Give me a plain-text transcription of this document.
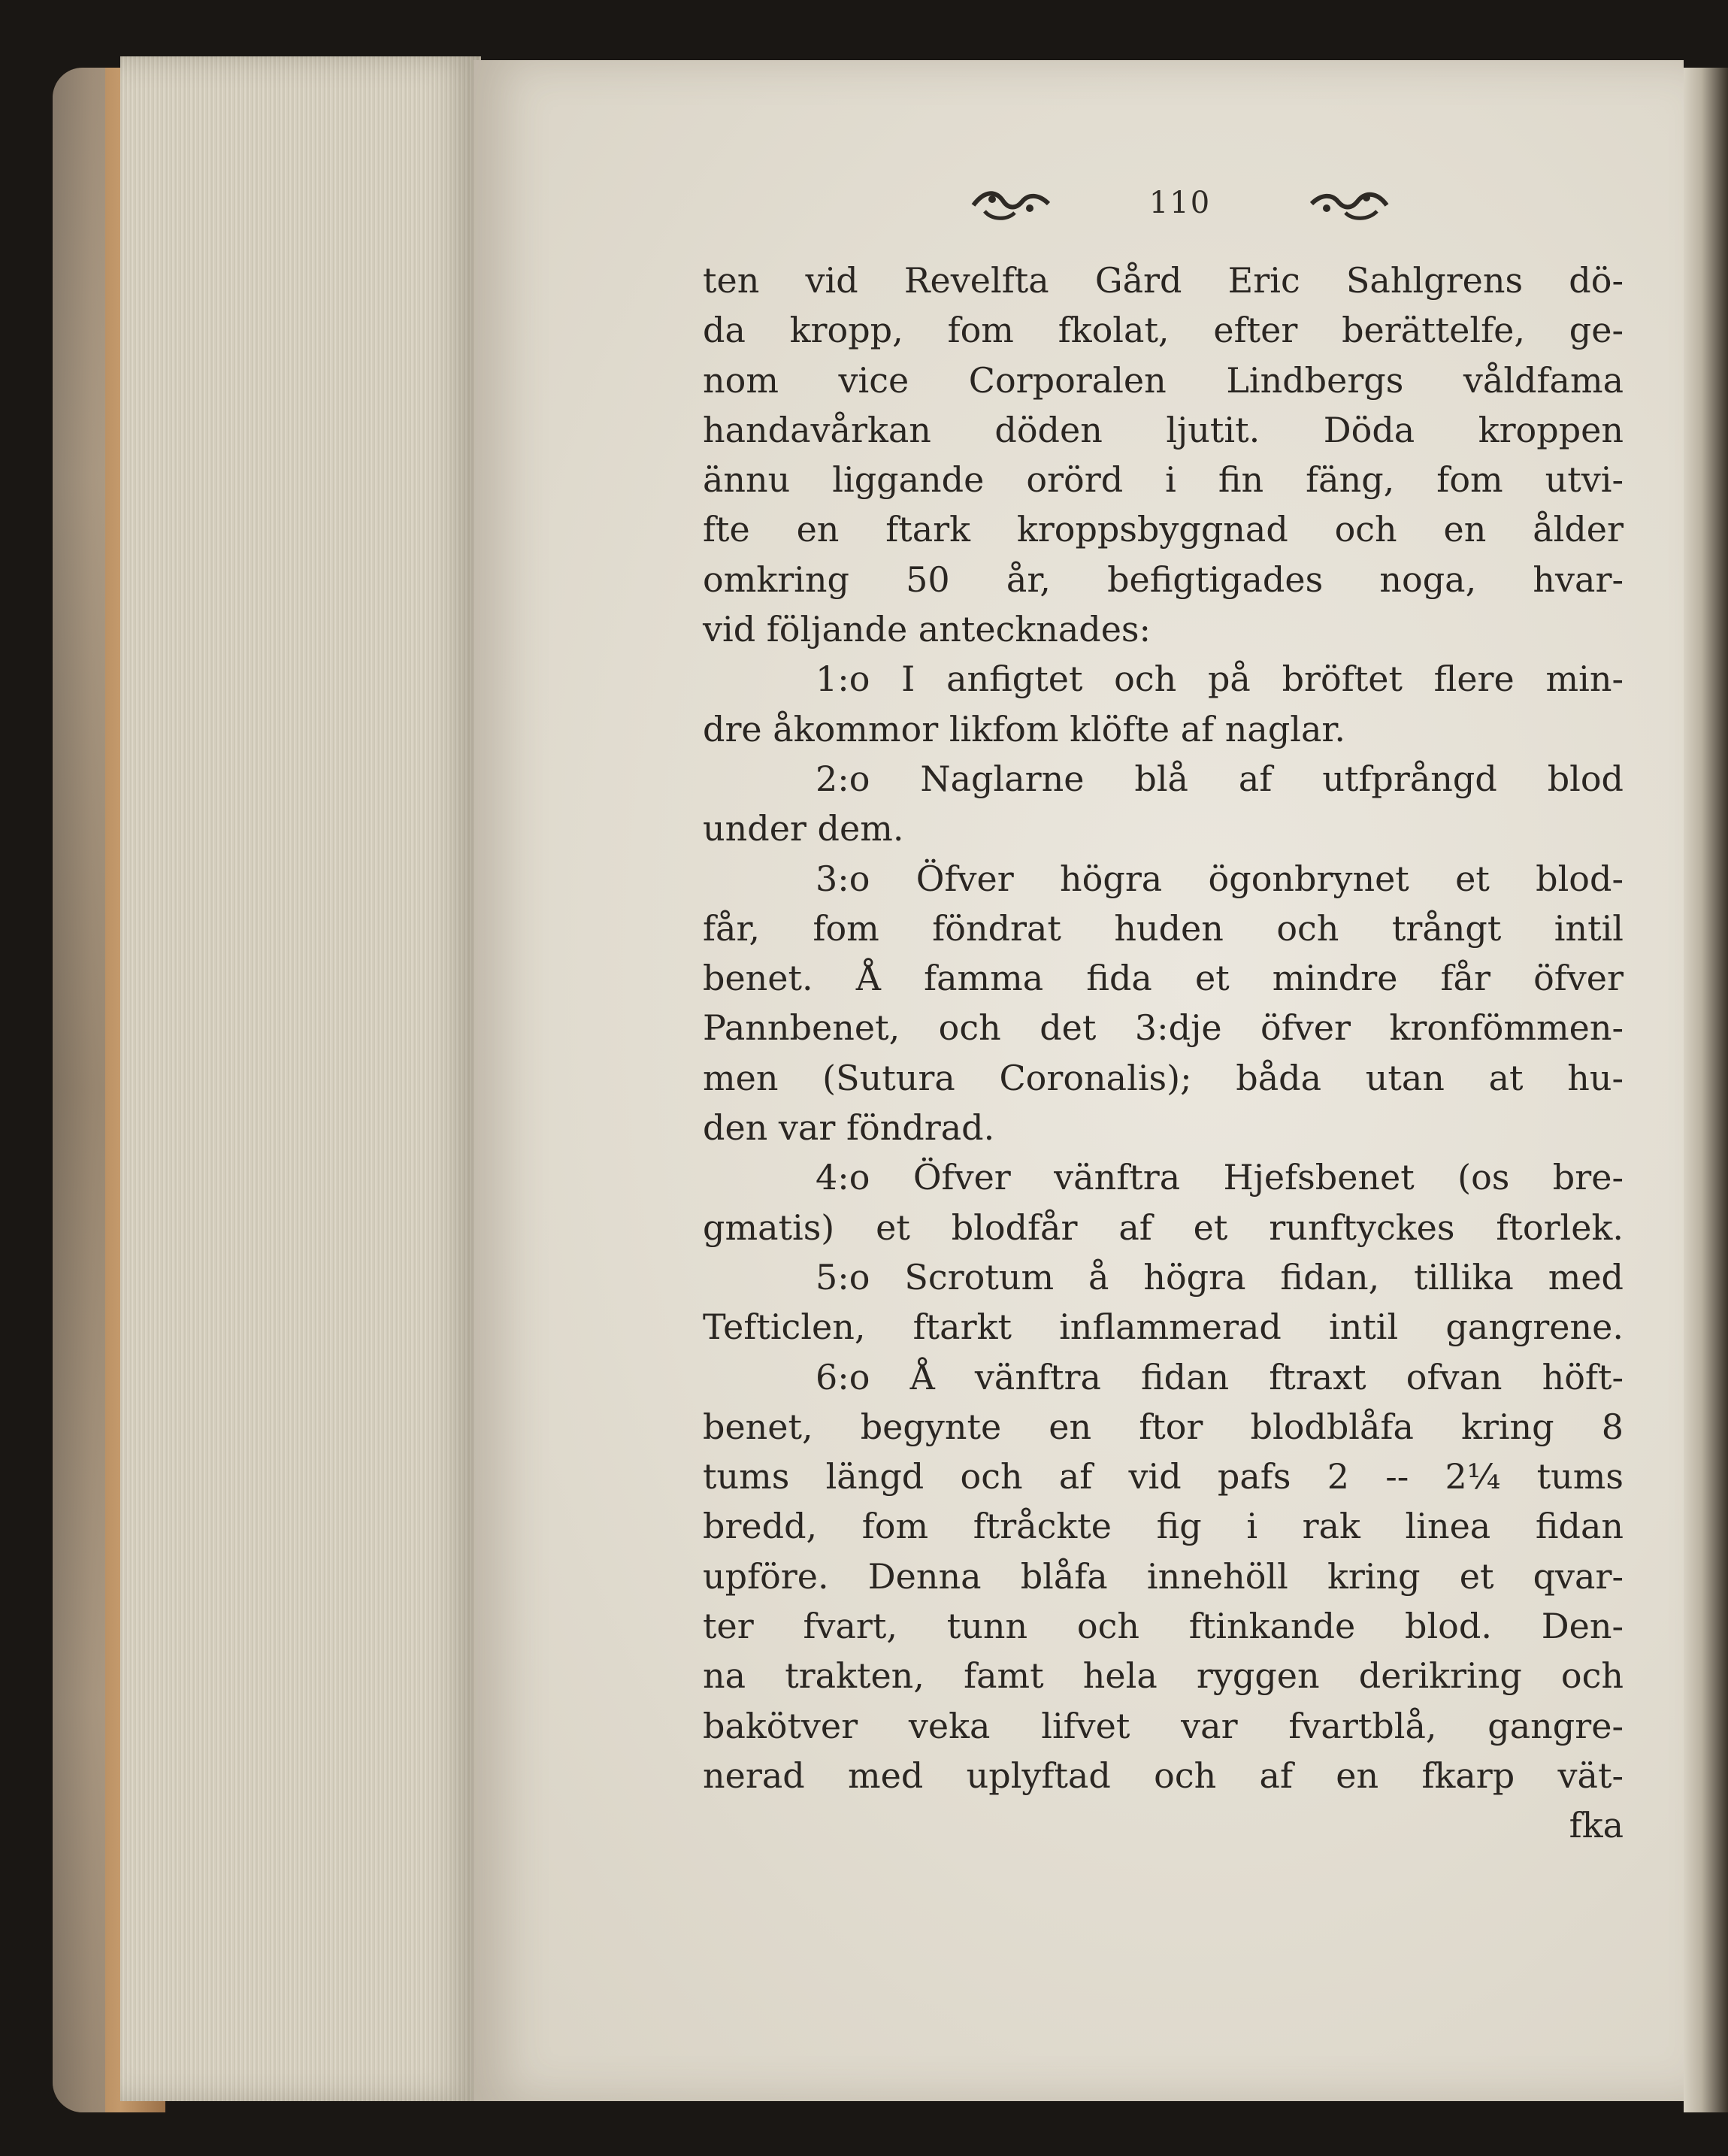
110
ten vid Revelfta Gård Eric Sahlgrens dö-
da kropp, fom fkolat, efter berättelfe, ge-
nom vice Corporalen Lindbergs våldfama
handavårkan döden ljutit. Döda kroppen
ännu liggande orörd i fin fäng, fom utvi-
fte en ftark kroppsbyggnad och en ålder
omkring 50 år, befigtigades noga, hvar-
vid följande antecknades:
1:o I anfigtet och på bröftet flere min-
dre åkommor likfom klöfte af naglar.
2:o Naglarne blå af utfprångd blod
under dem.
3:o Öfver högra ögonbrynet et blod-
får, fom föndrat huden och trångt intil
benet. Å famma fida et mindre får öfver
Pannbenet, och det 3:dje öfver kronfömmen-
men (Sutura Coronalis); båda utan at hu-
den var föndrad.
4:o Öfver vänftra Hjefsbenet (os bre-
gmatis) et blodfår af et runftyckes ftorlek.
5:o Scrotum å högra fidan, tillika med
Tefticlen, ftarkt inflammerad intil gangrene.
6:o Å vänftra fidan ftraxt ofvan höft-
benet, begynte en ftor blodblåfa kring 8
tums längd och af vid pafs 2 -- 2¼ tums
bredd, fom ftråckte fig i rak linea fidan
upföre. Denna blåfa innehöll kring et qvar-
ter fvart, tunn och ftinkande blod. Den-
na trakten, famt hela ryggen derikring och
bakötver veka lifvet var fvartblå, gangre-
nerad med uplyftad och af en fkarp vät-
fka
